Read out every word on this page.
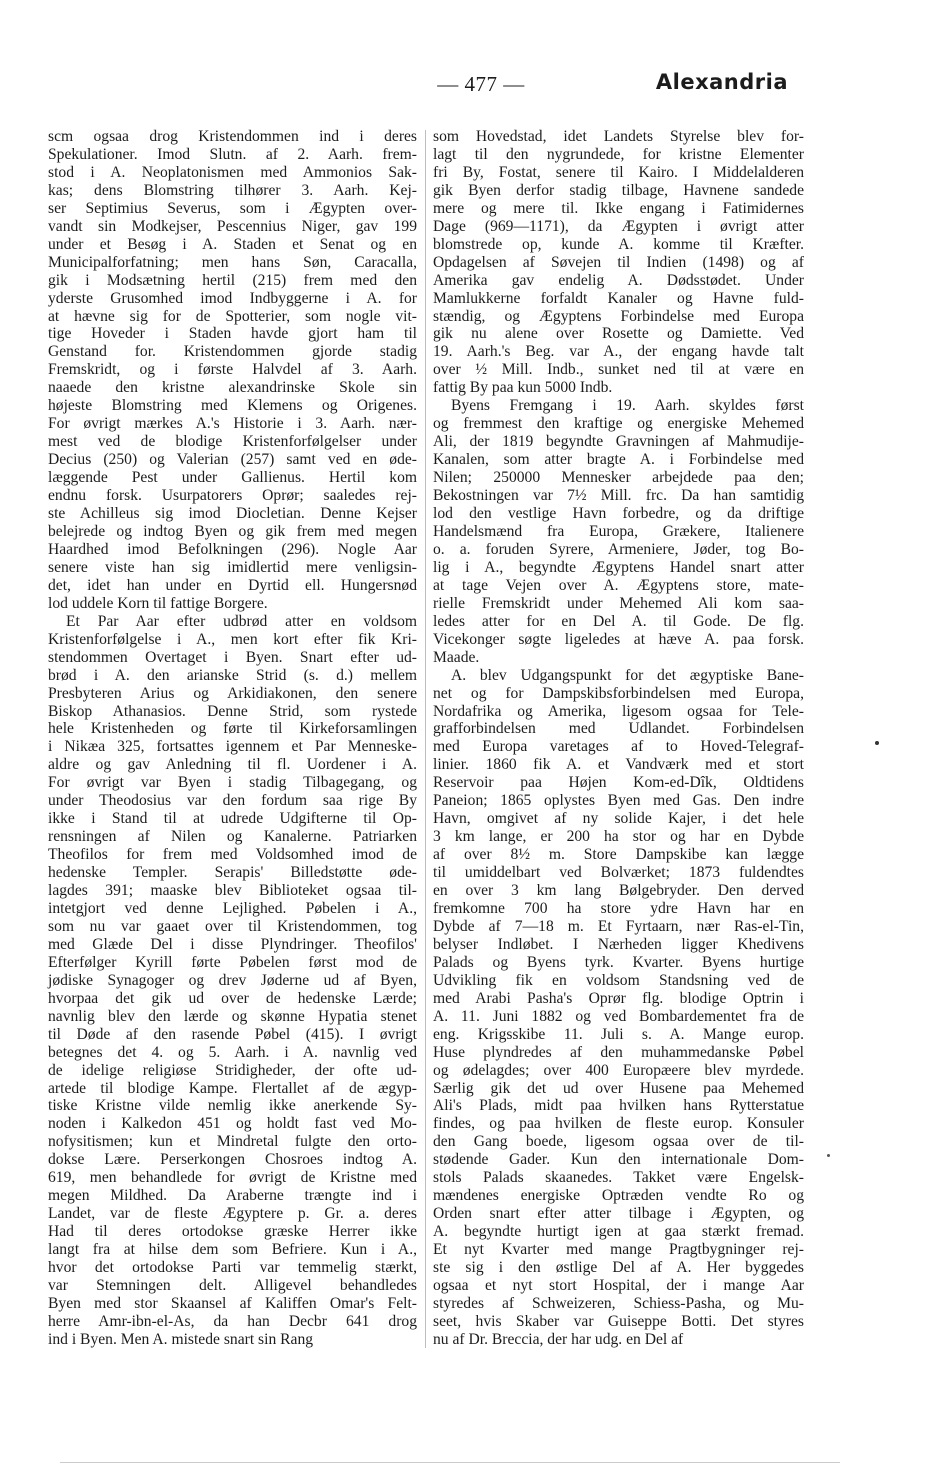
— 477 —	Alexandria

scm ogsaa drog Kristendommen ind i deres
Spekulationer. Imod Slutn. af 2. Aarh. frem-
stod i A. Neoplatonismen med Ammonios Sak-
kas; dens Blomstring tilhører 3. Aarh. Kej-
ser Septimius Severus, som i Ægypten over-
vandt sin Modkejser, Pescennius Niger, gav 199
under et Besøg i A. Staden et Senat og en
Municipalforfatning; men hans Søn, Caracalla,
gik i Modsætning hertil (215) frem med den
yderste Grusomhed imod Indbyggerne i A. for
at hævne sig for de Spotterier, som nogle vit-
tige Hoveder i Staden havde gjort ham til
Genstand for. Kristendommen gjorde stadig
Fremskridt, og i første Halvdel af 3. Aarh.
naaede den kristne alexandrinske Skole sin
højeste Blomstring med Klemens og Origenes.
For øvrigt mærkes A.'s Historie i 3. Aarh. nær-
mest ved de blodige Kristenforfølgelser under
Decius (250) og Valerian (257) samt ved en øde-
læggende Pest under Gallienus. Hertil kom
endnu forsk. Usurpatorers Oprør; saaledes rej-
ste Achilleus sig imod Diocletian. Denne Kejser
belejrede og indtog Byen og gik frem med megen
Haardhed imod Befolkningen (296). Nogle Aar
senere viste han sig imidlertid mere venligsin-
det, idet han under en Dyrtid ell. Hungersnød
lod uddele Korn til fattige Borgere.

Et Par Aar efter udbrød atter en voldsom
Kristenforfølgelse i A., men kort efter fik Kri-
stendommen Overtaget i Byen. Snart efter ud-
brød i A. den arianske Strid (s. d.) mellem
Presbyteren Arius og Arkidiakonen, den senere
Biskop Athanasios. Denne Strid, som rystede
hele Kristenheden og førte til Kirkeforsamlingen
i Nikæa 325, fortsattes igennem et Par Menneske-
aldre og gav Anledning til fl. Uordener i A.
For øvrigt var Byen i stadig Tilbagegang, og
under Theodosius var den fordum saa rige By
ikke i Stand til at udrede Udgifterne til Op-
rensningen af Nilen og Kanalerne. Patriarken
Theofilos for frem med Voldsomhed imod de
hedenske Templer. Serapis' Billedstøtte øde-
lagdes 391; maaske blev Biblioteket ogsaa til-
intetgjort ved denne Lejlighed. Pøbelen i A.,
som nu var gaaet over til Kristendommen, tog
med Glæde Del i disse Plyndringer. Theofilos'
Efterfølger Kyrill førte Pøbelen først mod de
jødiske Synagoger og drev Jøderne ud af Byen,
hvorpaa det gik ud over de hedenske Lærde;
navnlig blev den lærde og skønne Hypatia stenet
til Døde af den rasende Pøbel (415). I øvrigt
betegnes det 4. og 5. Aarh. i A. navnlig ved
de idelige religiøse Stridigheder, der ofte ud-
artede til blodige Kampe. Flertallet af de ægyp-
tiske Kristne vilde nemlig ikke anerkende Sy-
noden i Kalkedon 451 og holdt fast ved Mo-
nofysitismen; kun et Mindretal fulgte den orto-
dokse Lære. Perserkongen Chosroes indtog A.
619, men behandlede for øvrigt de Kristne med
megen Mildhed. Da Araberne trængte ind i
Landet, var de fleste Ægyptere p. Gr. a. deres
Had til deres ortodokse græske Herrer ikke
langt fra at hilse dem som Befriere. Kun i A.,
hvor det ortodokse Parti var temmelig stærkt,
var Stemningen delt. Alligevel behandledes
Byen med stor Skaansel af Kaliffen Omar's Felt-
herre Amr-ibn-el-As, da han Decbr 641 drog
ind i Byen. Men A. mistede snart sin Rang

som Hovedstad, idet Landets Styrelse blev for-
lagt til den nygrundede, for kristne Elementer
fri By, Fostat, senere til Kairo. I Middelalderen
gik Byen derfor stadig tilbage, Havnene sandede
mere og mere til. Ikke engang i Fatimidernes
Dage (969—1171), da Ægypten i øvrigt atter
blomstrede op, kunde A. komme til Kræfter.
Opdagelsen af Søvejen til Indien (1498) og af
Amerika gav endelig A. Dødsstødet. Under
Mamlukkerne forfaldt Kanaler og Havne fuld-
stændig, og Ægyptens Forbindelse med Europa
gik nu alene over Rosette og Damiette. Ved
19. Aarh.'s Beg. var A., der engang havde talt
over ½ Mill. Indb., sunket ned til at være en
fattig By paa kun 5000 Indb.

Byens Fremgang i 19. Aarh. skyldes først
og fremmest den kraftige og energiske Mehemed
Ali, der 1819 begyndte Gravningen af Mahmudije-
Kanalen, som atter bragte A. i Forbindelse med
Nilen; 250000 Mennesker arbejdede paa den;
Bekostningen var 7½ Mill. frc. Da han samtidig
lod den vestlige Havn forbedre, og da driftige
Handelsmænd fra Europa, Grækere, Italienere
o. a. foruden Syrere, Armeniere, Jøder, tog Bo-
lig i A., begyndte Ægyptens Handel snart atter
at tage Vejen over A. Ægyptens store, mate-
rielle Fremskridt under Mehemed Ali kom saa-
ledes atter for en Del A. til Gode. De flg.
Vicekonger søgte ligeledes at hæve A. paa forsk.
Maade.

A. blev Udgangspunkt for det ægyptiske Bane-
net og for Dampskibsforbindelsen med Europa,
Nordafrika og Amerika, ligesom ogsaa for Tele-
grafforbindelsen med Udlandet. Forbindelsen
med Europa varetages af to Hoved-Telegraf-
linier. 1860 fik A. et Vandværk med et stort
Reservoir paa Højen Kom-ed-Dîk, Oldtidens
Paneion; 1865 oplystes Byen med Gas. Den indre
Havn, omgivet af ny solide Kajer, i det hele
3 km lange, er 200 ha stor og har en Dybde
af over 8½ m. Store Dampskibe kan lægge
til umiddelbart ved Bolværket; 1873 fuldendtes
en over 3 km lang Bølgebryder. Den derved
fremkomne 700 ha store ydre Havn har en
Dybde af 7—18 m. Et Fyrtaarn, nær Ras-el-Tin,
belyser Indløbet. I Nærheden ligger Khedivens
Palads og Byens tyrk. Kvarter. Byens hurtige
Udvikling fik en voldsom Standsning ved de
med Arabi Pasha's Oprør flg. blodige Optrin i
A. 11. Juni 1882 og ved Bombardementet fra de
eng. Krigsskibe 11. Juli s. A. Mange europ.
Huse plyndredes af den muhammedanske Pøbel
og ødelagdes; over 400 Europæere blev myrdede.
Særlig gik det ud over Husene paa Mehemed
Ali's Plads, midt paa hvilken hans Rytterstatue
findes, og paa hvilken de fleste europ. Konsuler
den Gang boede, ligesom ogsaa over de til-
stødende Gader. Kun den internationale Dom-
stols Palads skaanedes. Takket være Engelsk-
mændenes energiske Optræden vendte Ro og
Orden snart efter atter tilbage i Ægypten, og
A. begyndte hurtigt igen at gaa stærkt fremad.
Et nyt Kvarter med mange Pragtbygninger rej-
ste sig i den østlige Del af A. Her byggedes
ogsaa et nyt stort Hospital, der i mange Aar
styredes af Schweizeren, Schiess-Pasha, og Mu-
seet, hvis Skaber var Guiseppe Botti. Det styres
nu af Dr. Breccia, der har udg. en Del af
